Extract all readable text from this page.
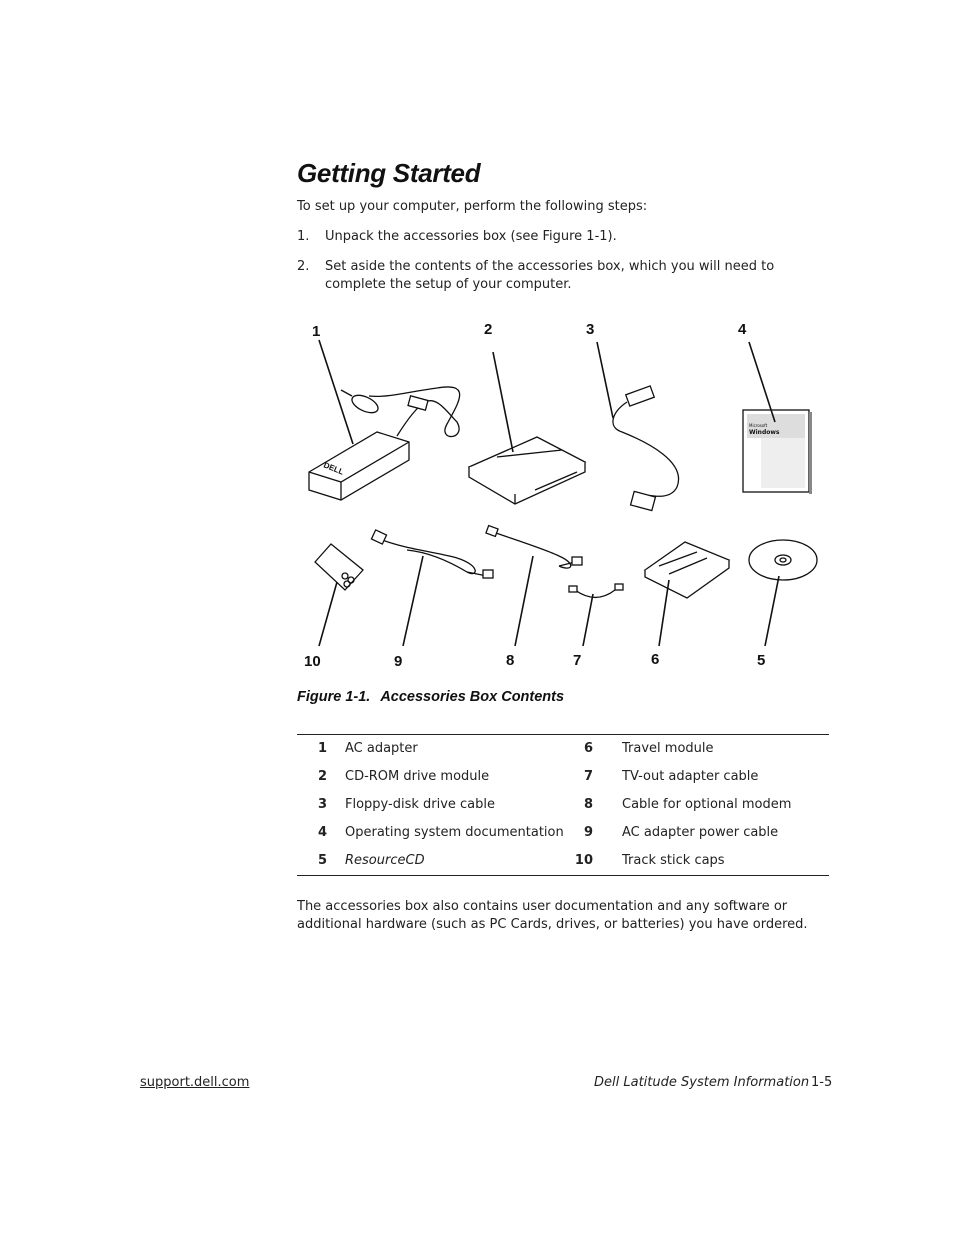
Getting Started

To set up your computer, perform the following steps:

1. Unpack the accessories box (see Figure 1-1).
2. Set aside the contents of the accessories box, which you will need to complete the setup of your computer.
DELL
Microsoft
Windows
1	2	3	4
10	9	8	7	6	5
Figure 1-1. Accessories Box Contents
1 AC adapter	6 Travel module
2 CD-ROM drive module	7 TV-out adapter cable
3 Floppy-disk drive cable	8 Cable for optional modem
4 Operating system documentation	9 AC adapter power cable
5 ResourceCD	10 Track stick caps

The accessories box also contains user documentation and any software or additional hardware (such as PC Cards, drives, or batteries) you have ordered.

support.dell.com	Dell Latitude System Information 1-5
